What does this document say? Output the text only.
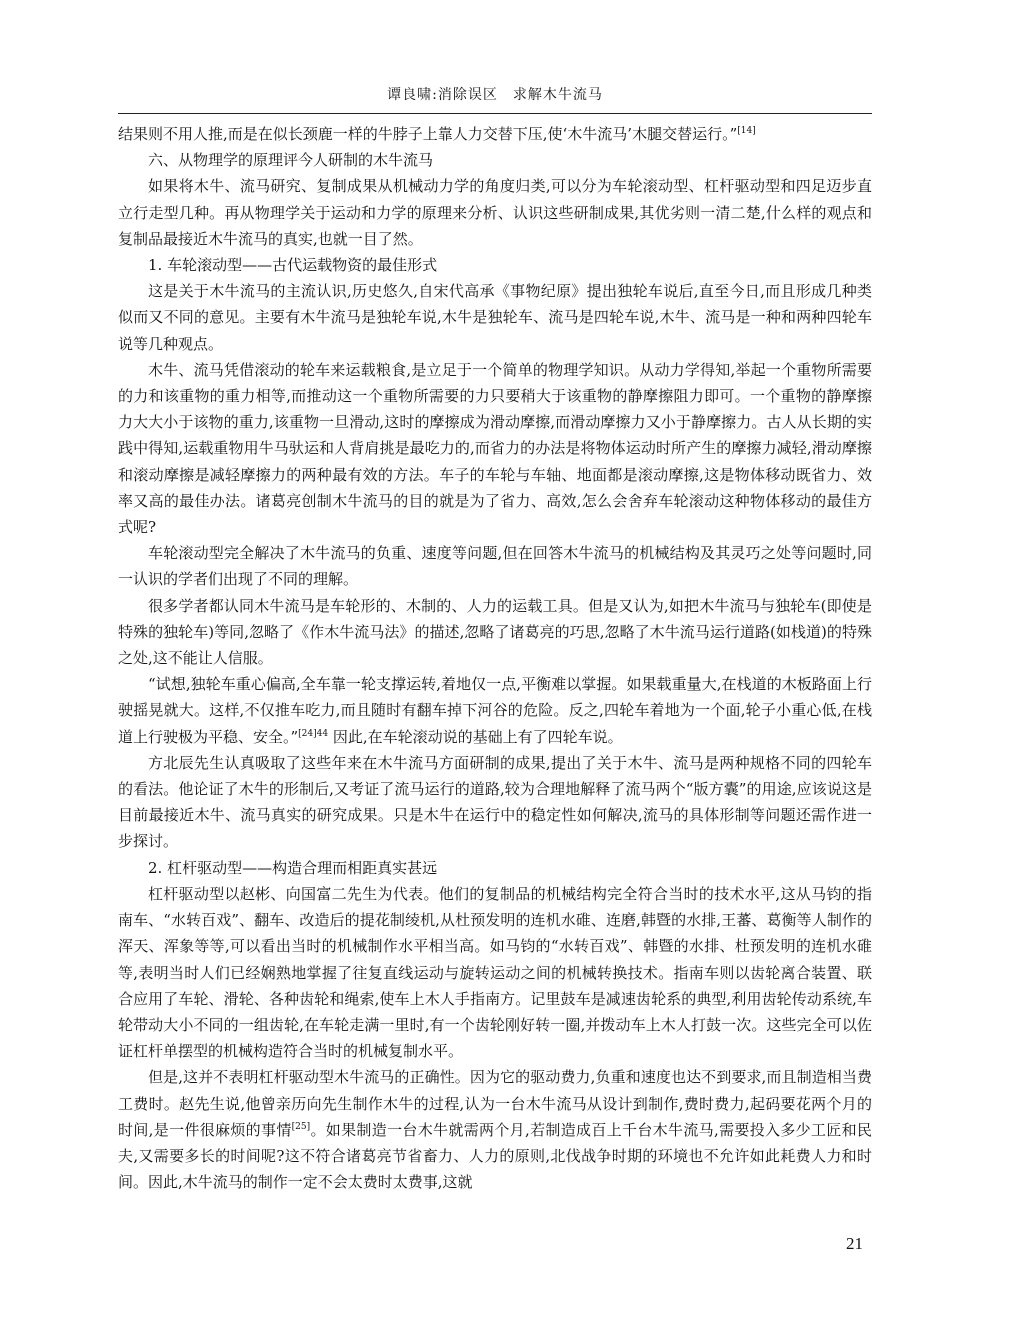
谭良啸:消除误区　求解木牛流马

结果则不用人推,而是在似长颈鹿一样的牛脖子上靠人力交替下压,使‘木牛流马’木腿交替运行。”[14]

六、从物理学的原理评今人研制的木牛流马

如果将木牛、流马研究、复制成果从机械动力学的角度归类,可以分为车轮滚动型、杠杆驱动型和四足迈步直立行走型几种。再从物理学关于运动和力学的原理来分析、认识这些研制成果,其优劣则一清二楚,什么样的观点和复制品最接近木牛流马的真实,也就一目了然。

1. 车轮滚动型——古代运载物资的最佳形式

这是关于木牛流马的主流认识,历史悠久,自宋代高承《事物纪原》提出独轮车说后,直至今日,而且形成几种类似而又不同的意见。主要有木牛流马是独轮车说,木牛是独轮车、流马是四轮车说,木牛、流马是一种和两种四轮车说等几种观点。

木牛、流马凭借滚动的轮车来运载粮食,是立足于一个简单的物理学知识。从动力学得知,举起一个重物所需要的力和该重物的重力相等,而推动这一个重物所需要的力只要稍大于该重物的静摩擦阻力即可。一个重物的静摩擦力大大小于该物的重力,该重物一旦滑动,这时的摩擦成为滑动摩擦,而滑动摩擦力又小于静摩擦力。古人从长期的实践中得知,运载重物用牛马驮运和人背肩挑是最吃力的,而省力的办法是将物体运动时所产生的摩擦力减轻,滑动摩擦和滚动摩擦是减轻摩擦力的两种最有效的方法。车子的车轮与车轴、地面都是滚动摩擦,这是物体移动既省力、效率又高的最佳办法。诸葛亮创制木牛流马的目的就是为了省力、高效,怎么会舍弃车轮滚动这种物体移动的最佳方式呢?

车轮滚动型完全解决了木牛流马的负重、速度等问题,但在回答木牛流马的机械结构及其灵巧之处等问题时,同一认识的学者们出现了不同的理解。

很多学者都认同木牛流马是车轮形的、木制的、人力的运载工具。但是又认为,如把木牛流马与独轮车(即使是特殊的独轮车)等同,忽略了《作木牛流马法》的描述,忽略了诸葛亮的巧思,忽略了木牛流马运行道路(如栈道)的特殊之处,这不能让人信服。

“试想,独轮车重心偏高,全车靠一轮支撑运转,着地仅一点,平衡难以掌握。如果载重量大,在栈道的木板路面上行驶摇晃就大。这样,不仅推车吃力,而且随时有翻车掉下河谷的危险。反之,四轮车着地为一个面,轮子小重心低,在栈道上行驶极为平稳、安全。”$^{[24]44}$ 因此,在车轮滚动说的基础上有了四轮车说。

方北辰先生认真吸取了这些年来在木牛流马方面研制的成果,提出了关于木牛、流马是两种规格不同的四轮车的看法。他论证了木牛的形制后,又考证了流马运行的道路,较为合理地解释了流马两个“版方囊”的用途,应该说这是目前最接近木牛、流马真实的研究成果。只是木牛在运行中的稳定性如何解决,流马的具体形制等问题还需作进一步探讨。

2. 杠杆驱动型——构造合理而相距真实甚远

杠杆驱动型以赵彬、向国富二先生为代表。他们的复制品的机械结构完全符合当时的技术水平,这从马钧的指南车、“水转百戏”、翻车、改造后的提花制绫机,从杜预发明的连机水碓、连磨,韩暨的水排,王蕃、葛衡等人制作的浑天、浑象等等,可以看出当时的机械制作水平相当高。如马钧的“水转百戏”、韩暨的水排、杜预发明的连机水碓等,表明当时人们已经娴熟地掌握了往复直线运动与旋转运动之间的机械转换技术。指南车则以齿轮离合装置、联合应用了车轮、滑轮、各种齿轮和绳索,使车上木人手指南方。记里鼓车是减速齿轮系的典型,利用齿轮传动系统,车轮带动大小不同的一组齿轮,在车轮走满一里时,有一个齿轮刚好转一圈,并拨动车上木人打鼓一次。这些完全可以佐证杠杆单摆型的机械构造符合当时的机械复制水平。

但是,这并不表明杠杆驱动型木牛流马的正确性。因为它的驱动费力,负重和速度也达不到要求,而且制造相当费工费时。赵先生说,他曾亲历向先生制作木牛的过程,认为一台木牛流马从设计到制作,费时费力,起码要花两个月的时间,是一件很麻烦的事情[25]。如果制造一台木牛就需两个月,若制造成百上千台木牛流马,需要投入多少工匠和民夫,又需要多长的时间呢?这不符合诸葛亮节省畜力、人力的原则,北伐战争时期的环境也不允许如此耗费人力和时间。因此,木牛流马的制作一定不会太费时太费事,这就

21
